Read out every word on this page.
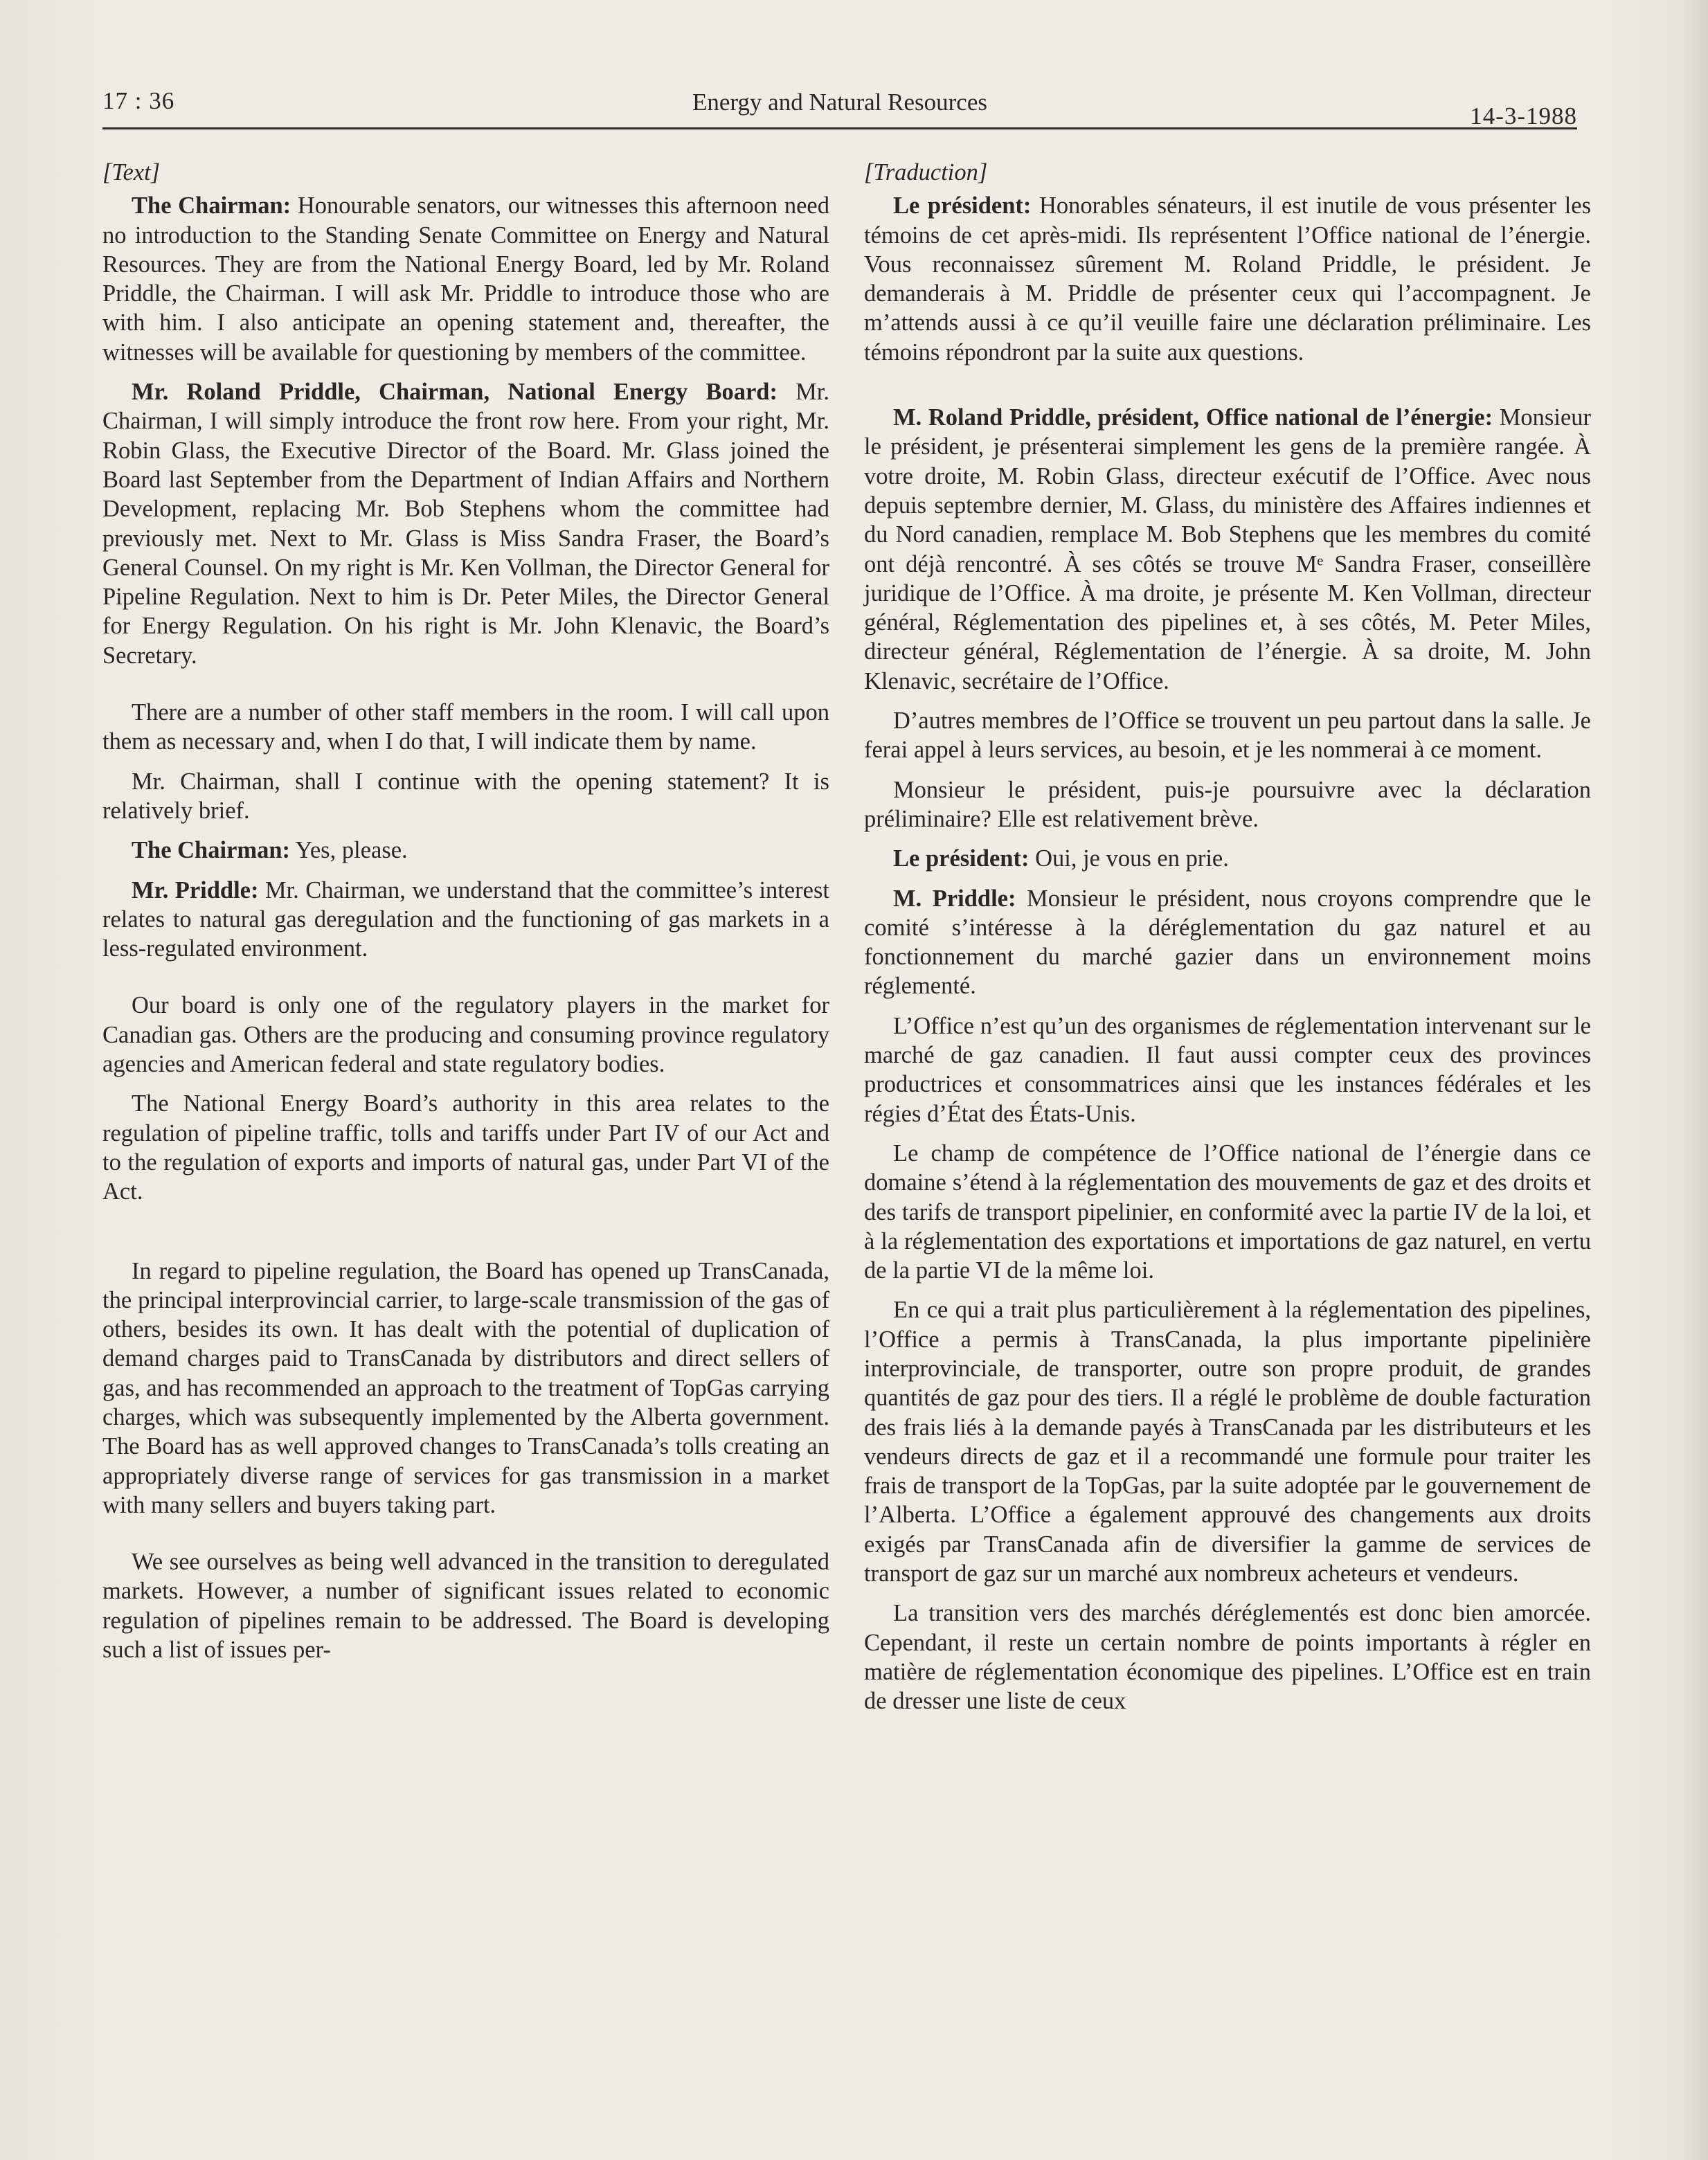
17 : 36	Energy and Natural Resources
14-3-1988

[Text]

The Chairman: Honourable senators, our witnesses this afternoon need no introduction to the Standing Senate Committee on Energy and Natural Resources. They are from the National Energy Board, led by Mr. Roland Priddle, the Chairman. I will ask Mr. Priddle to introduce those who are with him. I also anticipate an opening statement and, thereafter, the witnesses will be available for questioning by members of the committee.

Mr. Roland Priddle, Chairman, National Energy Board: Mr. Chairman, I will simply introduce the front row here. From your right, Mr. Robin Glass, the Executive Director of the Board. Mr. Glass joined the Board last September from the Department of Indian Affairs and Northern Development, replacing Mr. Bob Stephens whom the committee had previously met. Next to Mr. Glass is Miss Sandra Fraser, the Board’s General Counsel. On my right is Mr. Ken Vollman, the Director General for Pipeline Regulation. Next to him is Dr. Peter Miles, the Director General for Energy Regulation. On his right is Mr. John Klenavic, the Board’s Secretary.

There are a number of other staff members in the room. I will call upon them as necessary and, when I do that, I will indicate them by name.

Mr. Chairman, shall I continue with the opening statement? It is relatively brief.

The Chairman: Yes, please.

Mr. Priddle: Mr. Chairman, we understand that the committee’s interest relates to natural gas deregulation and the functioning of gas markets in a less-regulated environment.

Our board is only one of the regulatory players in the market for Canadian gas. Others are the producing and consuming province regulatory agencies and American federal and state regulatory bodies.

The National Energy Board’s authority in this area relates to the regulation of pipeline traffic, tolls and tariffs under Part IV of our Act and to the regulation of exports and imports of natural gas, under Part VI of the Act.

In regard to pipeline regulation, the Board has opened up TransCanada, the principal interprovincial carrier, to large-scale transmission of the gas of others, besides its own. It has dealt with the potential of duplication of demand charges paid to TransCanada by distributors and direct sellers of gas, and has recommended an approach to the treatment of TopGas carrying charges, which was subsequently implemented by the Alberta government. The Board has as well approved changes to TransCanada’s tolls creating an appropriately diverse range of services for gas transmission in a market with many sellers and buyers taking part.

We see ourselves as being well advanced in the transition to deregulated markets. However, a number of significant issues related to economic regulation of pipelines remain to be addressed. The Board is developing such a list of issues per-

[Traduction]

Le président: Honorables sénateurs, il est inutile de vous présenter les témoins de cet après-midi. Ils représentent l’Office national de l’énergie. Vous reconnaissez sûrement M. Roland Priddle, le président. Je demanderais à M. Priddle de présenter ceux qui l’accompagnent. Je m’attends aussi à ce qu’il veuille faire une déclaration préliminaire. Les témoins répondront par la suite aux questions.

M. Roland Priddle, président, Office national de l’énergie: Monsieur le président, je présenterai simplement les gens de la première rangée. À votre droite, M. Robin Glass, directeur exécutif de l’Office. Avec nous depuis septembre dernier, M. Glass, du ministère des Affaires indiennes et du Nord canadien, remplace M. Bob Stephens que les membres du comité ont déjà rencontré. À ses côtés se trouve Mᵉ Sandra Fraser, conseillère juridique de l’Office. À ma droite, je présente M. Ken Vollman, directeur général, Réglementation des pipelines et, à ses côtés, M. Peter Miles, directeur général, Réglementation de l’énergie. À sa droite, M. John Klenavic, secrétaire de l’Office.

D’autres membres de l’Office se trouvent un peu partout dans la salle. Je ferai appel à leurs services, au besoin, et je les nommerai à ce moment.

Monsieur le président, puis-je poursuivre avec la déclaration préliminaire? Elle est relativement brève.

Le président: Oui, je vous en prie.

M. Priddle: Monsieur le président, nous croyons comprendre que le comité s’intéresse à la déréglementation du gaz naturel et au fonctionnement du marché gazier dans un environnement moins réglementé.

L’Office n’est qu’un des organismes de réglementation intervenant sur le marché de gaz canadien. Il faut aussi compter ceux des provinces productrices et consommatrices ainsi que les instances fédérales et les régies d’État des États-Unis.

Le champ de compétence de l’Office national de l’énergie dans ce domaine s’étend à la réglementation des mouvements de gaz et des droits et des tarifs de transport pipelinier, en conformité avec la partie IV de la loi, et à la réglementation des exportations et importations de gaz naturel, en vertu de la partie VI de la même loi.

En ce qui a trait plus particulièrement à la réglementation des pipelines, l’Office a permis à TransCanada, la plus importante pipelinière interprovinciale, de transporter, outre son propre produit, de grandes quantités de gaz pour des tiers. Il a réglé le problème de double facturation des frais liés à la demande payés à TransCanada par les distributeurs et les vendeurs directs de gaz et il a recommandé une formule pour traiter les frais de transport de la TopGas, par la suite adoptée par le gouvernement de l’Alberta. L’Office a également approuvé des changements aux droits exigés par TransCanada afin de diversifier la gamme de services de transport de gaz sur un marché aux nombreux acheteurs et vendeurs.

La transition vers des marchés déréglementés est donc bien amorcée. Cependant, il reste un certain nombre de points importants à régler en matière de réglementation économique des pipelines. L’Office est en train de dresser une liste de ceux
